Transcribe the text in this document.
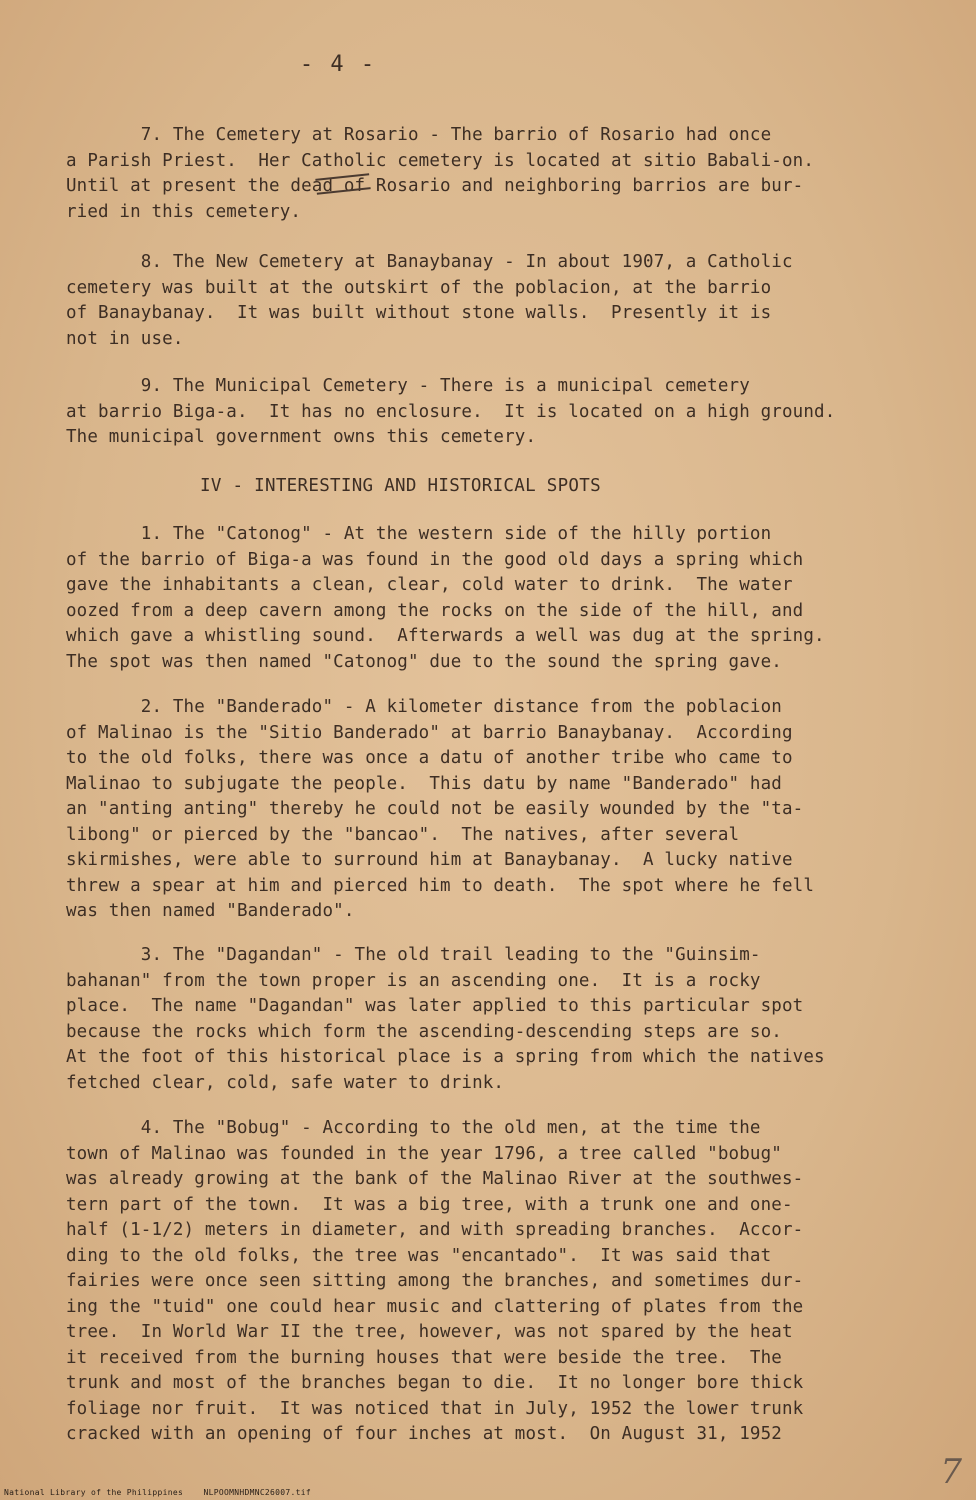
- 4 -
7. The Cemetery at Rosario - The barrio of Rosario had once
a Parish Priest.  Her Catholic cemetery is located at sitio Babali-on.
Until at present the dead of Rosario and neighboring barrios are bur-
ried in this cemetery.
8. The New Cemetery at Banaybanay - In about 1907, a Catholic
cemetery was built at the outskirt of the poblacion, at the barrio
of Banaybanay.  It was built without stone walls.  Presently it is
not in use.
9. The Municipal Cemetery - There is a municipal cemetery
at barrio Biga-a.  It has no enclosure.  It is located on a high ground.
The municipal government owns this cemetery.
IV - INTERESTING AND HISTORICAL SPOTS
1. The "Catonog" - At the western side of the hilly portion
of the barrio of Biga-a was found in the good old days a spring which
gave the inhabitants a clean, clear, cold water to drink.  The water
oozed from a deep cavern among the rocks on the side of the hill, and
which gave a whistling sound.  Afterwards a well was dug at the spring.
The spot was then named "Catonog" due to the sound the spring gave.
2. The "Banderado" - A kilometer distance from the poblacion
of Malinao is the "Sitio Banderado" at barrio Banaybanay.  According
to the old folks, there was once a datu of another tribe who came to
Malinao to subjugate the people.  This datu by name "Banderado" had
an "anting anting" thereby he could not be easily wounded by the "ta-
libong" or pierced by the "bancao".  The natives, after several
skirmishes, were able to surround him at Banaybanay.  A lucky native
threw a spear at him and pierced him to death.  The spot where he fell
was then named "Banderado".
3. The "Dagandan" - The old trail leading to the "Guinsim-
bahanan" from the town proper is an ascending one.  It is a rocky
place.  The name "Dagandan" was later applied to this particular spot
because the rocks which form the ascending-descending steps are so.
At the foot of this historical place is a spring from which the natives
fetched clear, cold, safe water to drink.
4. The "Bobug" - According to the old men, at the time the
town of Malinao was founded in the year 1796, a tree called "bobug"
was already growing at the bank of the Malinao River at the southwes-
tern part of the town.  It was a big tree, with a trunk one and one-
half (1-1/2) meters in diameter, and with spreading branches.  Accor-
ding to the old folks, the tree was "encantado".  It was said that
fairies were once seen sitting among the branches, and sometimes dur-
ing the "tuid" one could hear music and clattering of plates from the
tree.  In World War II the tree, however, was not spared by the heat
it received from the burning houses that were beside the tree.  The
trunk and most of the branches began to die.  It no longer bore thick
foliage nor fruit.  It was noticed that in July, 1952 the lower trunk
cracked with an opening of four inches at most.  On August 31, 1952
7
National Library of the Philippines    NLPOOMNHDMNC26007.tif
